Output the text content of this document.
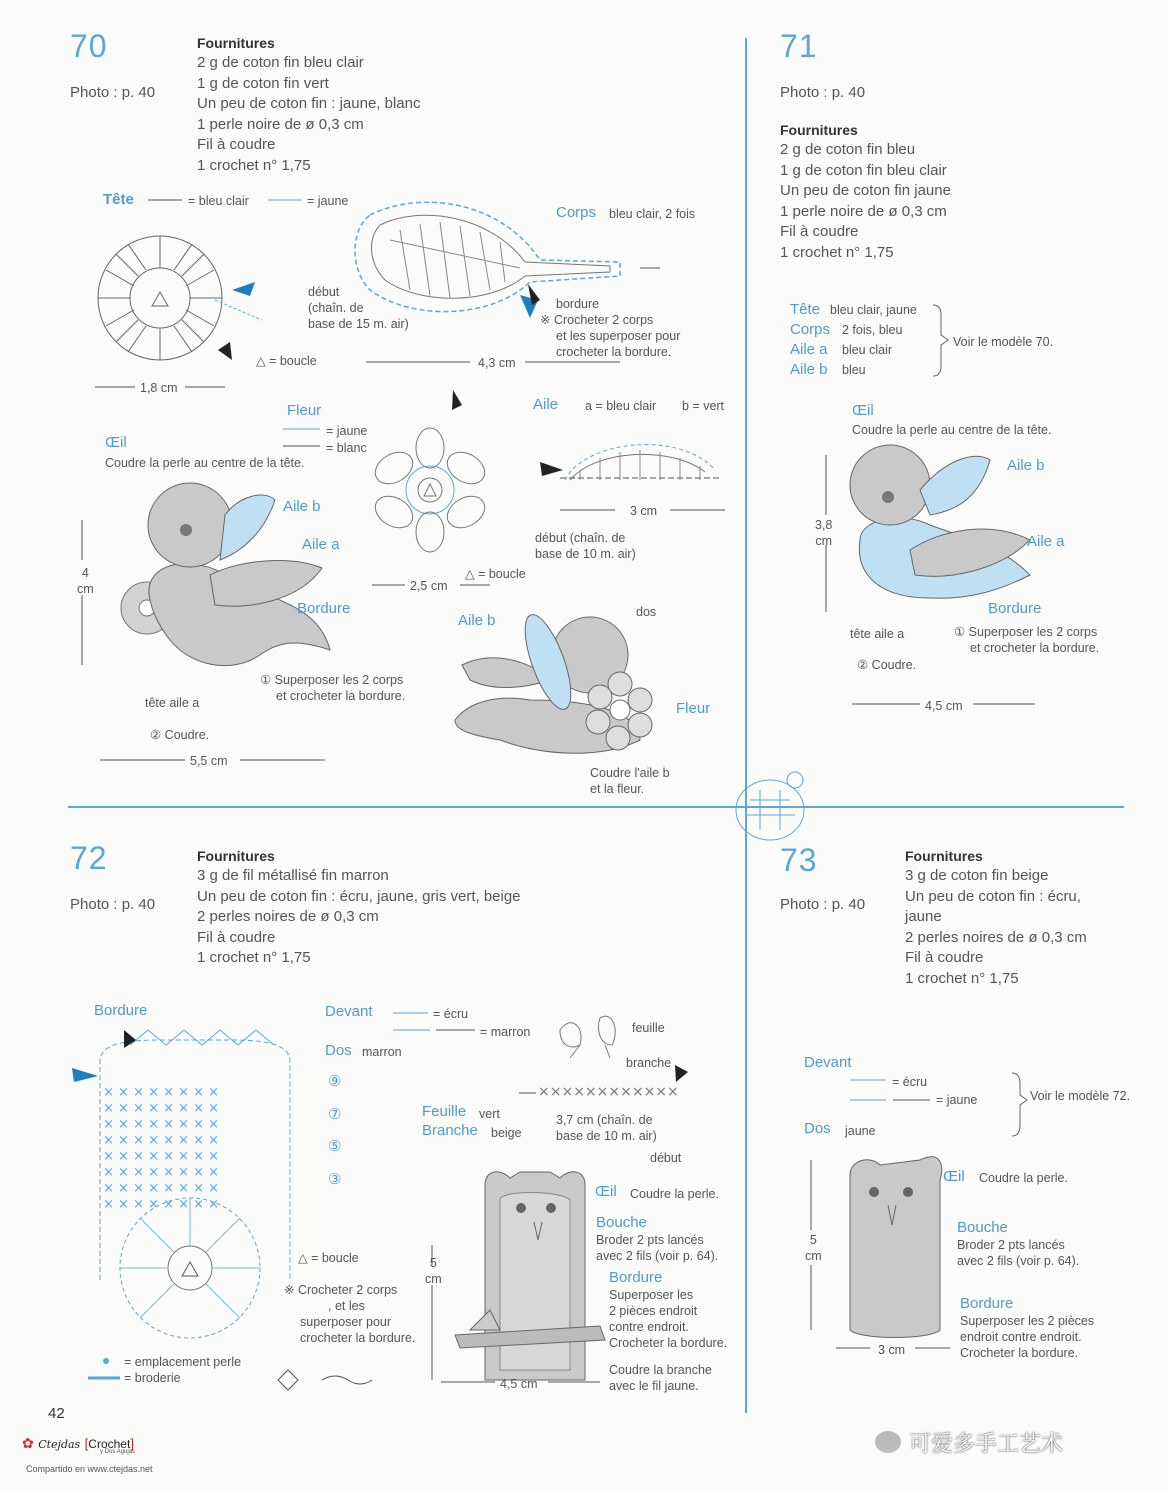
× × × × × × × ×
× × × × × × × ×
× × × × × × × ×
× × × × × × × ×
× × × × × × × ×
× × × × × × × ×
× × × × × × × ×
× × × × × × × ×
××××××××××××
70
Photo : p. 40
Fournitures
2 g de coton fin bleu clair
1 g de coton fin vert
Un peu de coton fin : jaune, blanc
1 perle noire de ø 0,3 cm
Fil à coudre
1 crochet n° 1,75
Tête	= bleu clair	= jaune
Corps bleu clair, 2 fois
début
(chaîn. de
base de 15 m. air)
bordure
※ Crocheter 2 corps
et les superposer pour
crocheter la bordure.
△ = boucle
1,8 cm
4,3 cm
Fleur
= jaune
= blanc
Aile a = bleu clair b = vert
Œil
Coudre la perle au centre de la tête.
Aile b
Aile a
Bordure
4
cm	2,5 cm
△ = boucle
3 cm
début (chaîn. de
base de 10 m. air)
① Superposer les 2 corps
et crocheter la bordure.
tête aile a
② Coudre.
5,5 cm
Aile b	dos
Fleur
Coudre l'aile b
et la fleur.
71
Photo : p. 40
Fournitures
2 g de coton fin bleu
1 g de coton fin bleu clair
Un peu de coton fin jaune
1 perle noire de ø 0,3 cm
Fil à coudre
1 crochet n° 1,75
Tête bleu clair, jaune
Corps 2 fois, bleu
Aile a bleu clair
Aile b bleu
Voir le modèle 70.
Œil
Coudre la perle au centre de la tête.
Aile b
Aile a
Bordure
3,8
cm
tête aile a	① Superposer les 2 corps
et crocheter la bordure.
② Coudre.
4,5 cm
72
Photo : p. 40
Fournitures
3 g de fil métallisé fin marron
Un peu de coton fin : écru, jaune, gris vert, beige
2 perles noires de ø 0,3 cm
Fil à coudre
1 crochet n° 1,75
Bordure	Devant	= écru
= marron
Dos marron
feuille
branche
Feuille vert
Branche beige
3,7 cm (chaîn. de
base de 10 m. air)
début
⑨
⑦
⑤
③
△ = boucle
※ Crocheter 2 corps
, et les
superposer pour
crocheter la bordure.
= emplacement perle
= broderie
Œil Coudre la perle.
Bouche
Broder 2 pts lancés
avec 2 fils (voir p. 64).
Bordure
Superposer les
2 pièces endroit
contre endroit.
Crocheter la bordure.
Coudre la branche
avec le fil jaune.
5
cm
4,5 cm
73
Photo : p. 40
Fournitures
3 g de coton fin beige
Un peu de coton fin : écru,
jaune
2 perles noires de ø 0,3 cm
Fil à coudre
1 crochet n° 1,75
Devant
= écru
= jaune
Dos jaune
Voir le modèle 72.
Œil Coudre la perle.
Bouche
Broder 2 pts lancés
avec 2 fils (voir p. 64).
Bordure
Superposer les 2 pièces
endroit contre endroit.
Crocheter la bordure.
5
cm
3 cm
42
✿ Ctejdas [Crochet]
y Dos Agujas
Compartido en www.ctejdas.net
可爱多手工艺术
